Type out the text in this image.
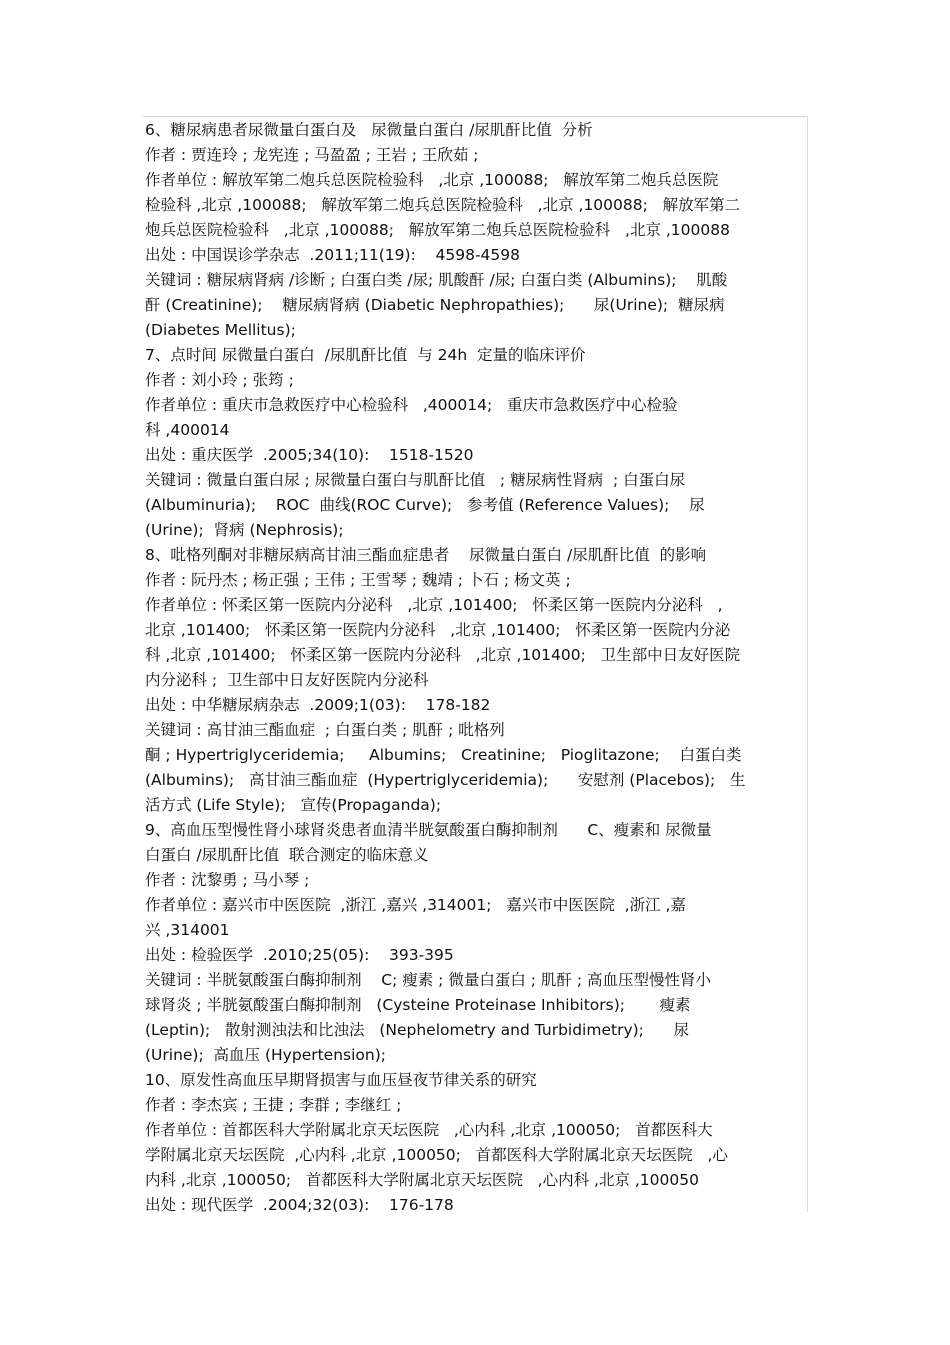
6、糖尿病患者尿微量白蛋白及   尿微量白蛋白 /尿肌酐比值  分析
作者 : 贾连玲 ; 龙宪连 ; 马盈盈 ; 王岩 ; 王欣茹 ;
作者单位 : 解放军第二炮兵总医院检验科   ,北京 ,100088;   解放军第二炮兵总医院
检验科 ,北京 ,100088;   解放军第二炮兵总医院检验科   ,北京 ,100088;   解放军第二
炮兵总医院检验科   ,北京 ,100088;   解放军第二炮兵总医院检验科   ,北京 ,100088
出处 : 中国误诊学杂志  .2011;11(19):    4598-4598
关键词 : 糖尿病肾病 /诊断 ; 白蛋白类 /尿; 肌酸酐 /尿; 白蛋白类 (Albumins);    肌酸
酐 (Creatinine);    糖尿病肾病 (Diabetic Nephropathies);      尿(Urine);  糖尿病
(Diabetes Mellitus);
7、点时间 尿微量白蛋白  /尿肌酐比值  与 24h  定量的临床评价
作者 : 刘小玲 ; 张筠 ;
作者单位 : 重庆市急救医疗中心检验科   ,400014;   重庆市急救医疗中心检验
科 ,400014
出处 : 重庆医学  .2005;34(10):    1518-1520
关键词 : 微量白蛋白尿 ; 尿微量白蛋白与肌酐比值   ; 糖尿病性肾病  ; 白蛋白尿
(Albuminuria);    ROC  曲线(ROC Curve);   参考值 (Reference Values);    尿
(Urine);  肾病 (Nephrosis);
8、吡格列酮对非糖尿病高甘油三酯血症患者    尿微量白蛋白 /尿肌酐比值  的影响
作者 : 阮丹杰 ; 杨正强 ; 王伟 ; 王雪琴 ; 魏靖 ; 卜石 ; 杨文英 ;
作者单位 : 怀柔区第一医院内分泌科   ,北京 ,101400;   怀柔区第一医院内分泌科   ,
北京 ,101400;   怀柔区第一医院内分泌科   ,北京 ,101400;   怀柔区第一医院内分泌
科 ,北京 ,101400;   怀柔区第一医院内分泌科   ,北京 ,101400;   卫生部中日友好医院
内分泌科 ;  卫生部中日友好医院内分泌科
出处 : 中华糖尿病杂志  .2009;1(03):    178-182
关键词 : 高甘油三酯血症  ; 白蛋白类 ; 肌酐 ; 吡格列
酮 ; Hypertriglyceridemia;     Albumins;   Creatinine;   Pioglitazone;    白蛋白类
(Albumins);   高甘油三酯血症  (Hypertriglyceridemia);      安慰剂 (Placebos);   生
活方式 (Life Style);   宣传(Propaganda);
9、高血压型慢性肾小球肾炎患者血清半胱氨酸蛋白酶抑制剂      C、瘦素和 尿微量
白蛋白 /尿肌酐比值  联合测定的临床意义
作者 : 沈黎勇 ; 马小琴 ;
作者单位 : 嘉兴市中医医院  ,浙江 ,嘉兴 ,314001;   嘉兴市中医医院  ,浙江 ,嘉
兴 ,314001
出处 : 检验医学  .2010;25(05):    393-395
关键词 : 半胱氨酸蛋白酶抑制剂    C; 瘦素 ; 微量白蛋白 ; 肌酐 ; 高血压型慢性肾小
球肾炎 ; 半胱氨酸蛋白酶抑制剂   (Cysteine Proteinase Inhibitors);       瘦素
(Leptin);   散射测浊法和比浊法   (Nephelometry and Turbidimetry);      尿
(Urine);  高血压 (Hypertension);
10、原发性高血压早期肾损害与血压昼夜节律关系的研究
作者 : 李杰宾 ; 王捷 ; 李群 ; 李继红 ;
作者单位 : 首都医科大学附属北京天坛医院   ,心内科 ,北京 ,100050;   首都医科大
学附属北京天坛医院  ,心内科 ,北京 ,100050;   首都医科大学附属北京天坛医院   ,心
内科 ,北京 ,100050;   首都医科大学附属北京天坛医院   ,心内科 ,北京 ,100050
出处 : 现代医学  .2004;32(03):    176-178
